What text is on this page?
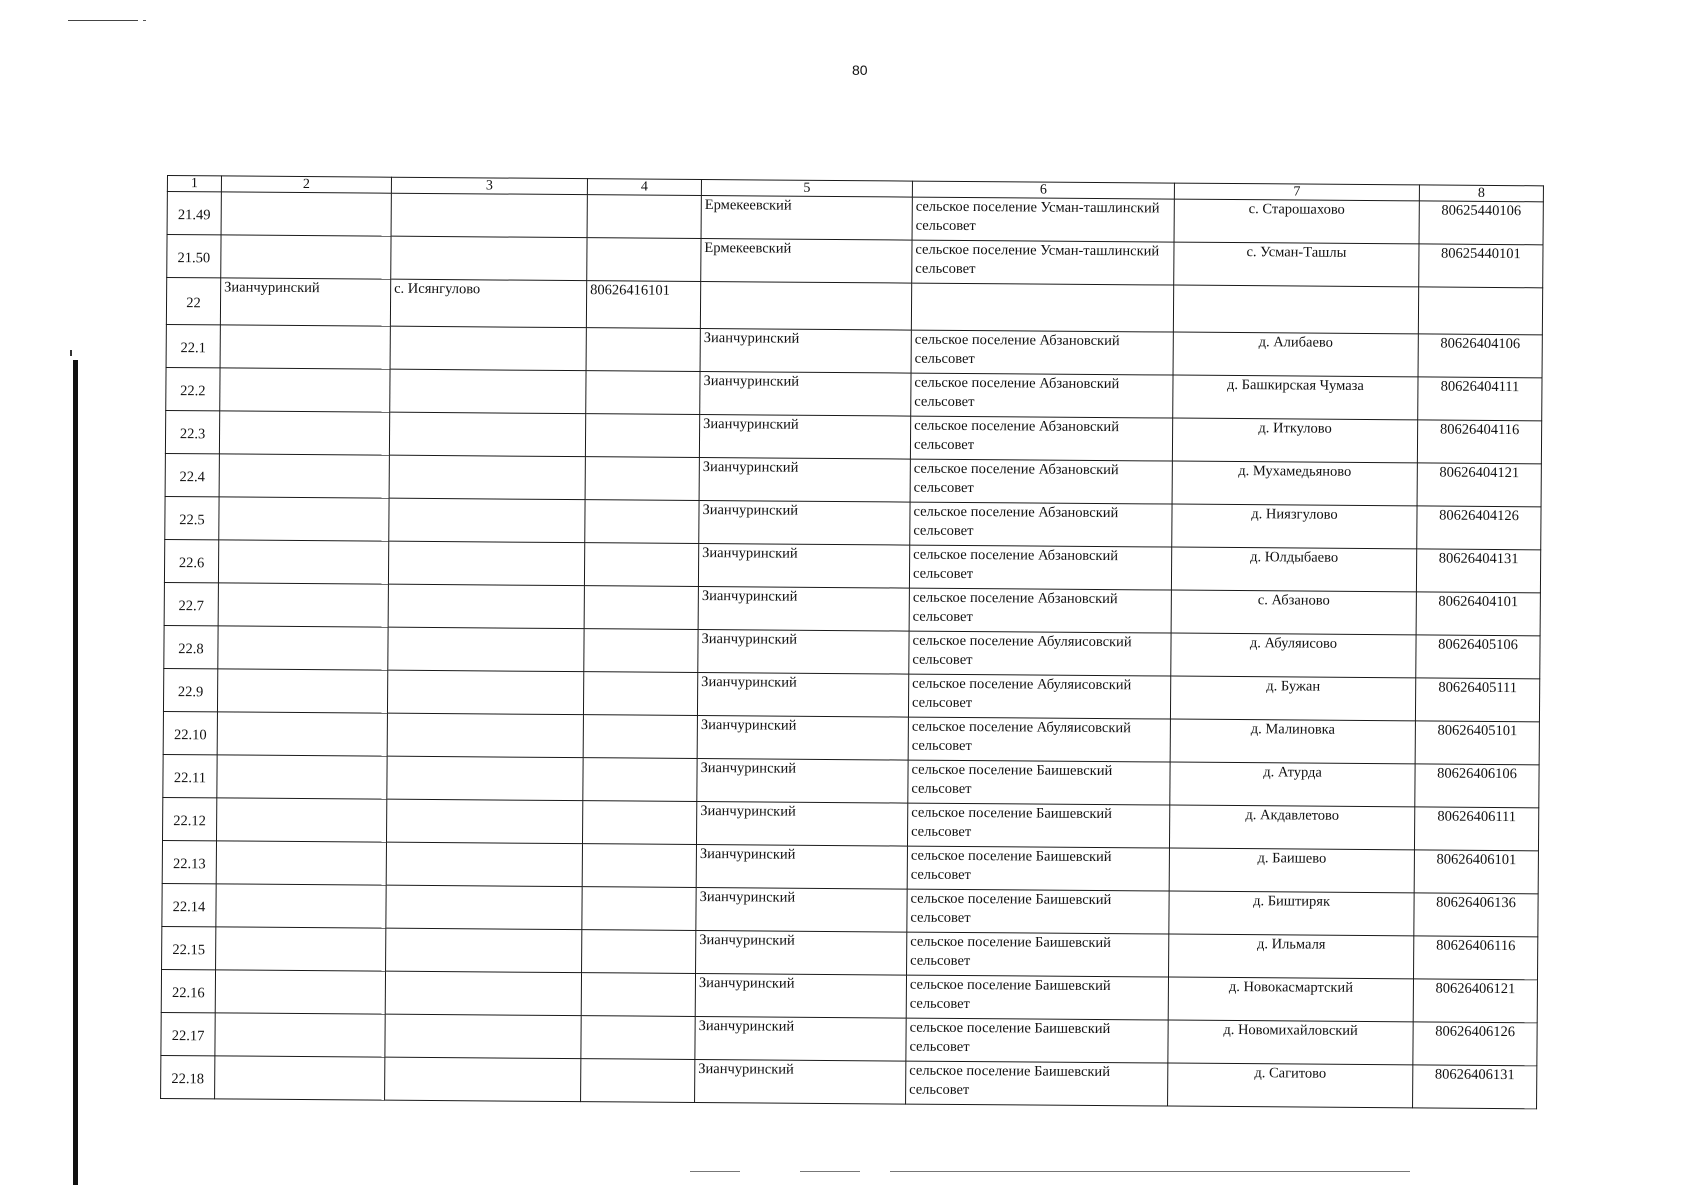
80
1	2	3	4	5	6	7	8
21.49				Ермекеевский	сельское поселение Усман-ташлинский сельсовет	с. Старошахово	80625440106
21.50				Ермекеевский	сельское поселение Усман-ташлинский сельсовет	с. Усман-Ташлы	80625440101
22	Зианчуринский	с. Исянгулово	80626416101				
22.1				Зианчуринский	сельское поселение Абзановский сельсовет	д. Алибаево	80626404106
22.2				Зианчуринский	сельское поселение Абзановский сельсовет	д. Башкирская Чумаза	80626404111
22.3				Зианчуринский	сельское поселение Абзановский сельсовет	д. Иткулово	80626404116
22.4				Зианчуринский	сельское поселение Абзановский сельсовет	д. Мухамедьяново	80626404121
22.5				Зианчуринский	сельское поселение Абзановский сельсовет	д. Ниязгулово	80626404126
22.6				Зианчуринский	сельское поселение Абзановский сельсовет	д. Юлдыбаево	80626404131
22.7				Зианчуринский	сельское поселение Абзановский сельсовет	с. Абзаново	80626404101
22.8				Зианчуринский	сельское поселение Абуляисовский сельсовет	д. Абуляисово	80626405106
22.9				Зианчуринский	сельское поселение Абуляисовский сельсовет	д. Бужан	80626405111
22.10				Зианчуринский	сельское поселение Абуляисовский сельсовет	д. Малиновка	80626405101
22.11				Зианчуринский	сельское поселение Баишевский сельсовет	д. Атурда	80626406106
22.12				Зианчуринский	сельское поселение Баишевский сельсовет	д. Акдавлетово	80626406111
22.13				Зианчуринский	сельское поселение Баишевский сельсовет	д. Баишево	80626406101
22.14				Зианчуринский	сельское поселение Баишевский сельсовет	д. Биштиряк	80626406136
22.15				Зианчуринский	сельское поселение Баишевский сельсовет	д. Ильмаля	80626406116
22.16				Зианчуринский	сельское поселение Баишевский сельсовет	д. Новокасмартский	80626406121
22.17				Зианчуринский	сельское поселение Баишевский сельсовет	д. Новомихайловский	80626406126
22.18				Зианчуринский	сельское поселение Баишевский сельсовет	д. Сагитово	80626406131
